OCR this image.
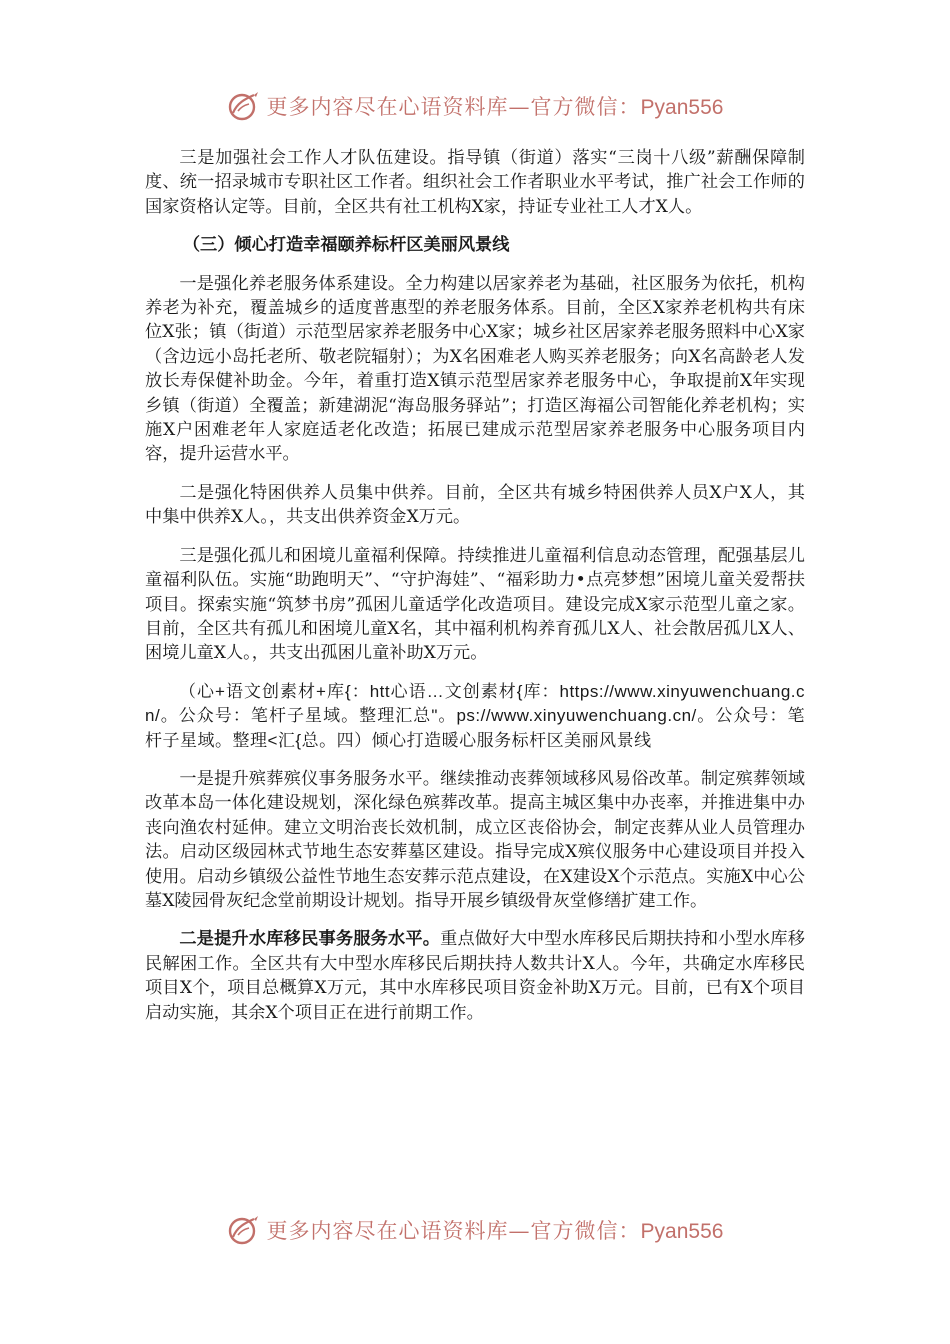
更多内容尽在心语资料库—官方微信：Pyan556

三是加强社会工作人才队伍建设。指导镇（街道）落实“三岗十八级”薪酬保障制度、统一招录城市专职社区工作者。组织社会工作者职业水平考试，推广社会工作师的国家资格认定等。目前，全区共有社工机构X家，持证专业社工人才X人。

（三）倾心打造幸福颐养标杆区美丽风景线

一是强化养老服务体系建设。全力构建以居家养老为基础，社区服务为依托，机构养老为补充，覆盖城乡的适度普惠型的养老服务体系。目前，全区X家养老机构共有床位X张；镇（街道）示范型居家养老服务中心X家；城乡社区居家养老服务照料中心X家（含边远小岛托老所、敬老院辐射）；为X名困难老人购买养老服务；向X名高龄老人发放长寿保健补助金。今年，着重打造X镇示范型居家养老服务中心，争取提前X年实现乡镇（街道）全覆盖；新建湖泥“海岛服务驿站”；打造区海福公司智能化养老机构；实施X户困难老年人家庭适老化改造；拓展已建成示范型居家养老服务中心服务项目内容，提升运营水平。

二是强化特困供养人员集中供养。目前，全区共有城乡特困供养人员X户X人，其中集中供养X人。，共支出供养资金X万元。

三是强化孤儿和困境儿童福利保障。持续推进儿童福利信息动态管理，配强基层儿童福利队伍。实施“助跑明天”、“守护海娃”、“福彩助力•点亮梦想”困境儿童关爱帮扶项目。探索实施“筑梦书房”孤困儿童适学化改造项目。建设完成X家示范型儿童之家。目前，全区共有孤儿和困境儿童X名，其中福利机构养育孤儿X人、社会散居孤儿X人、困境儿童X人。，共支出孤困儿童补助X万元。

（心+语文创素材+库{：htt心语…文创素材{库：https://www.xinyuwenchuang.cn/。公众号：笔杆子星域。整理汇总"。ps://www.xinyuwenchuang.cn/。公众号：笔杆子星域。整理<汇{总。四）倾心打造暖心服务标杆区美丽风景线

一是提升殡葬殡仪事务服务水平。继续推动丧葬领域移风易俗改革。制定殡葬领域改革本岛一体化建设规划，深化绿色殡葬改革。提高主城区集中办丧率，并推进集中办丧向渔农村延伸。建立文明治丧长效机制，成立区丧俗协会，制定丧葬从业人员管理办法。启动区级园林式节地生态安葬墓区建设。指导完成X殡仪服务中心建设项目并投入使用。启动乡镇级公益性节地生态安葬示范点建设，在X建设X个示范点。实施X中心公墓X陵园骨灰纪念堂前期设计规划。指导开展乡镇级骨灰堂修缮扩建工作。

二是提升水库移民事务服务水平。重点做好大中型水库移民后期扶持和小型水库移民解困工作。全区共有大中型水库移民后期扶持人数共计X人。今年，共确定水库移民项目X个，项目总概算X万元，其中水库移民项目资金补助X万元。目前，已有X个项目启动实施，其余X个项目正在进行前期工作。

更多内容尽在心语资料库—官方微信：Pyan556
